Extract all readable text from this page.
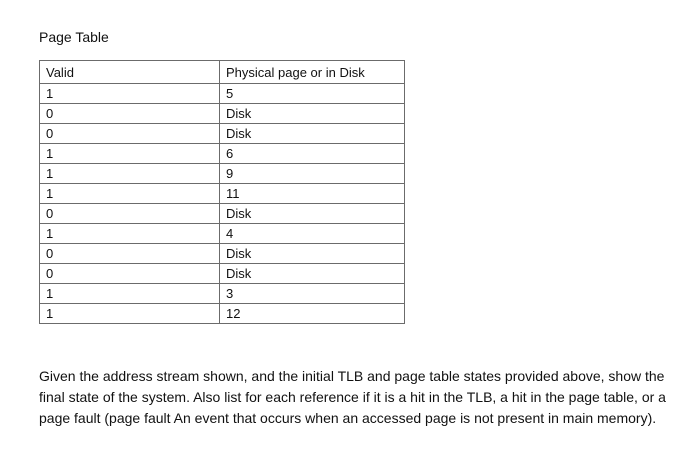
Page Table
Valid	Physical page or in Disk
1	5
0	Disk
0	Disk
1	6
1	9
1	11
0	Disk
1	4
0	Disk
0	Disk
1	3
1	12
Given the address stream shown, and the initial TLB and page table states provided above, show the final state of the system. Also list for each reference if it is a hit in the TLB, a hit in the page table, or a page fault (page fault An event that occurs when an accessed page is not present in main memory).
